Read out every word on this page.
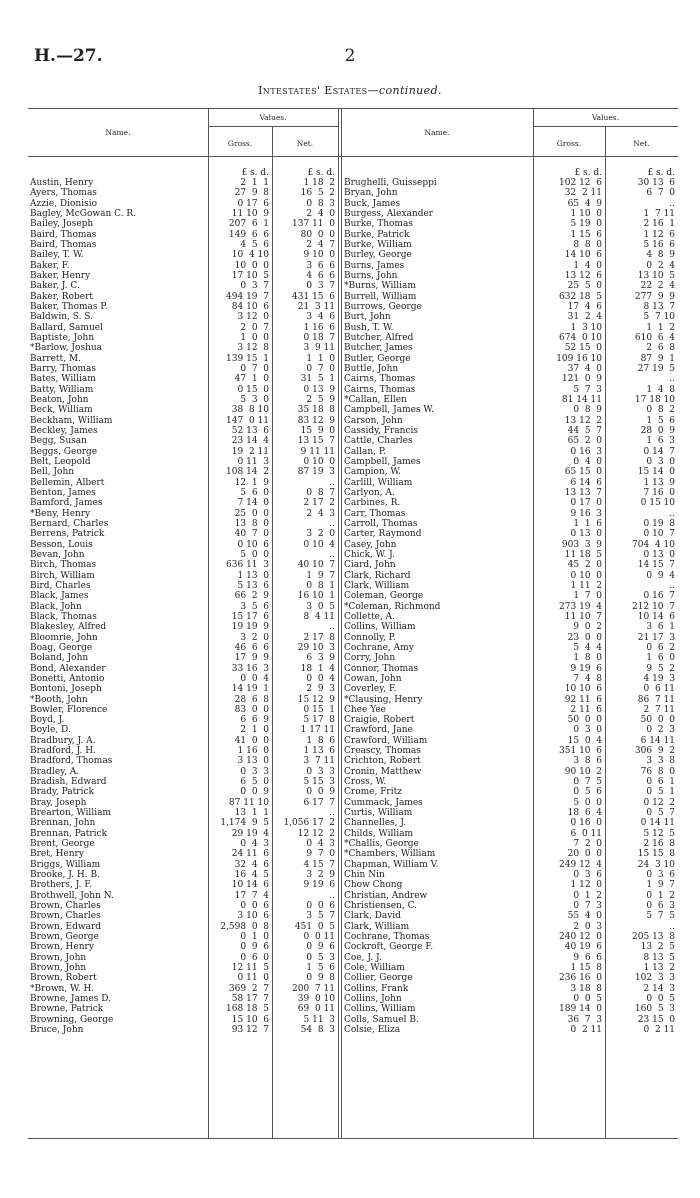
H.—27.	2
Intestates' Estates—continued.
Name.
Values.
Gross.	Net.
Name.
Values.
Gross.	Net.
£ s. d.	£ s. d.	£ s. d.	£ s. d.
Austin, Henry	2  1  1	1 18  2
Ayers, Thomas	27  9  8	16  5  2
Azzie, Dionisio	0 17  6	0  8  3
Bagley, McGowan C. R.	11 10  9	2  4  0
Bailey, Joseph	207  6  1	137 11  0
Baird, Thomas	149  6  6	80  0  0
Baird, Thomas	4  5  6	2  4  7
Bailey, T. W.	10  4 10	9 10  0
Baker, F.	10  0  0	3  6  6
Baker, Henry	17 10  5	4  6  6
Baker, J. C.	0  3  7	0  3  7
Baker, Robert	494 19  7	431 15  6
Baker, Thomas P.	84 10  6	21  3 11
Baldwin, S. S.	3 12  0	3  4  6
Ballard, Samuel	2  0  7	1 16  6
Baptiste, John	1  0  0	0 18  7
*Barlow, Joshua	3 12  8	3  9 11
Barrett, M.	139 15  1	1  1  0
Barry, Thomas	0  7  0	0  7  0
Bates, William	47  1  0	31  5  1
Batty, William	0 15  0	0 13  9
Beaton, John	5  3  0	2  5  9
Beck, William	38  8 10	35 18  8
Beckham, William	147  0 11	83 12  9
Beckley, James	52 13  6	15  9  0
Begg, Susan	23 14  4	13 15  7
Beggs, George	19  2 11	9 11 11
Belt, Leopold	0 11  3	0 10  0
Bell, John	108 14  2	87 19  3
Bellemin, Albert	12  1  9	..
Benton, James	5  6  0	0  8  7
Bamford, James	7 14  0	2 17  2
*Beny, Henry	25  0  0	2  4  3
Bernard, Charles	13  8  0	..
Berrens, Patrick	40  7  0	3  2  0
Besson, Louis	0 10  6	0 10  4
Bevan, John	5  0  0	..
Birch, Thomas	636 11  3	40 10  7
Birch, William	1 13  0	1  9  7
Bird, Charles	5 13  6	0  8  1
Black, James	66  2  9	16 10  1
Black, John	3  5  6	3  0  5
Black, Thomas	15 17  6	8  4 11
Blakesley, Alfred	19 19  9	..
Bloomrie, John	3  2  0	2 17  8
Boag, George	46  6  6	29 10  3
Boland, John	17  9  9	6  3  9
Bond, Alexander	33 16  3	18  1  4
Bonetti, Antonio	0  0  4	0  0  4
Bontoni, Joseph	14 19  1	2  9  3
*Booth, John	28  6  8	15 12  9
Bowler, Florence	83  0  0	0 15  1
Boyd, J.	6  6  9	5 17  8
Boyle, D.	2  1  0	1 17 11
Bradbury, J. A.	41  0  0	1  8  6
Bradford, J. H.	1 16  0	1 13  6
Bradford, Thomas	3 13  0	3  7 11
Bradley, A.	0  3  3	0  3  3
Bradish, Edward	6  5  0	5 15  3
Brady, Patrick	0  0  9	0  0  9
Bray, Joseph	87 11 10	6 17  7
Brearton, William	13  1  1	..
Brennan, John	1,174  9  5	1,056 17  2
Brennan, Patrick	29 19  4	12 12  2
Brent, George	0  4  3	0  4  3
Bret, Henry	24 11  6	9  7  0
Briggs, William	32  4  6	4 15  7
Brooke, J. H. B.	16  4  5	3  2  9
Brothers, J. F.	10 14  6	9 19  6
Brothwell, John N.	17  7  4	..
Brown, Charles	0  0  6	0  0  6
Brown, Charles	3 10  6	3  5  7
Brown, Edward	2,598  0  8	451  0  5
Brown, George	0  1  0	0  0 11
Brown, Henry	0  9  6	0  9  6
Brown, John	0  6  0	0  5  3
Brown, John	12 11  5	1  5  6
Brown, Robert	0 11  0	0  9  8
*Brown, W. H.	369  2  7	200  7 11
Browne, James D.	58 17  7	39  0 10
Browne, Patrick	168 18  5	69  0 11
Browning, George	15 10  6	5 11  3
Bruce, John	93 12  7	54  8  3
Brughelli, Guisseppi	102 12  6	30 13  6
Bryan, John	32  2 11	6  7  0
Buck, James	65  4  9	..
Burgess, Alexander	1 10  0	1  7 11
Burke, Thomas	5 19  0	2 16  1
Burke, Patrick	1 15  6	1 12  6
Burke, William	8  8  0	5 16  6
Burley, George	14 10  6	4  8  9
Burns, James	1  4  0	0  2  4
Burns, John	13 12  6	13 10  5
*Burns, William	25  5  0	22  2  4
Burrell, William	632 18  5	277  9  9
Burrows, George	17  4  6	8 13  7
Burt, John	31  2  4	5  7 10
Bush, T. W.	1  3 10	1  1  2
Butcher, Alfred	674  0 10	610  6  4
Butcher, James	52 15  0	2  6  8
Butler, George	109 16 10	87  9  1
Buttle, John	37  4  0	27 19  5
Cairns, Thomas	121  0  9	..
Cairns, Thomas	5  7  3	1  4  8
*Callan, Ellen	81 14 11	17 18 10
Campbell, James W.	0  8  9	0  8  2
Carson, John	13 12  2	1  5  6
Cassidy, Francis	44  5  7	28  0  9
Cattle, Charles	65  2  0	1  6  3
Callan, P.	0 16  3	0 14  7
Campbell, James	0  4  0	0  3  0
Campion, W.	65 15  0	15 14  0
Carlill, William	6 14  6	1 13  9
Carlyon, A.	13 13  7	7 16  0
Carbines, R.	0 17  0	0 15 10
Carr, Thomas	9 16  3	..
Carroll, Thomas	1  1  6	0 19  8
Carter, Raymond	0 13  0	0 10  7
Casey, John	903  3  9	704  4 10
Chick, W. J.	11 18  5	0 13  0
Ciard, John	45  2  0	14 15  7
Clark, Richard	0 10  0	0  9  4
Clark, William	1 11  2	..
Coleman, George	1  7  0	0 16  7
*Coleman, Richmond	273 19  4	212 10  7
Collette, A.	11 10  7	10 14  6
Collins, William	9  0  2	3  6  1
Connolly, P.	23  0  0	21 17  3
Cochrane, Amy	5  4  4	0  6  2
Corry, John	1  8  0	1  6  0
Connor, Thomas	9 19  6	9  5  2
Cowan, John	7  4  8	4 19  3
Coverley, F.	10 10  6	0  6 11
*Clausing, Henry	92 11  6	86  7 11
Chee Yee	2 11  6	2  7 11
Craigie, Robert	50  0  0	50  0  0
Crawford, Jane	0  3  0	0  2  3
Crawford, William	15  0  4	6 14 11
Creascy, Thomas	351 10  6	306  9  2
Crichton, Robert	3  8  6	3  3  8
Cronin, Matthew	90 10  2	76  8  0
Cross, W.	0  7  5	0  6  1
Crome, Fritz	0  5  6	0  5  1
Cummack, James	5  0  0	0 12  2
Curtis, William	18  6  4	0  5  7
Channelles, J.	0 16  0	0 14 11
Childs, William	6  0 11	5 12  5
*Challis, George	7  2  0	2 16  8
*Chambers, William	20  0  0	15 15  8
Chapman, William V.	249 12  4	24  3 10
Chin Nin	0  3  6	0  3  6
Chow Chong	1 12  0	1  9  7
Christian, Andrew	0  1  2	0  1  2
Christiensen, C.	0  7  3	0  6  3
Clark, David	55  4  0	5  7  5
Clark, William	2  0  3	..
Cochrane, Thomas	240 12  0	205 13  8
Cockroft, George F.	40 19  6	13  2  5
Coe, J. J.	9  6  6	8 13  5
Cole, William	1 15  8	1 13  2
Collier, George	236 16  0	102  3  3
Collins, Frank	3 18  8	2 14  3
Collins, John	0  0  5	0  0  5
Collins, William	189 14  0	160  5  3
Colls, Samuel B.	36  7  3	23 15  0
Colsie, Eliza	0  2 11	0  2 11
